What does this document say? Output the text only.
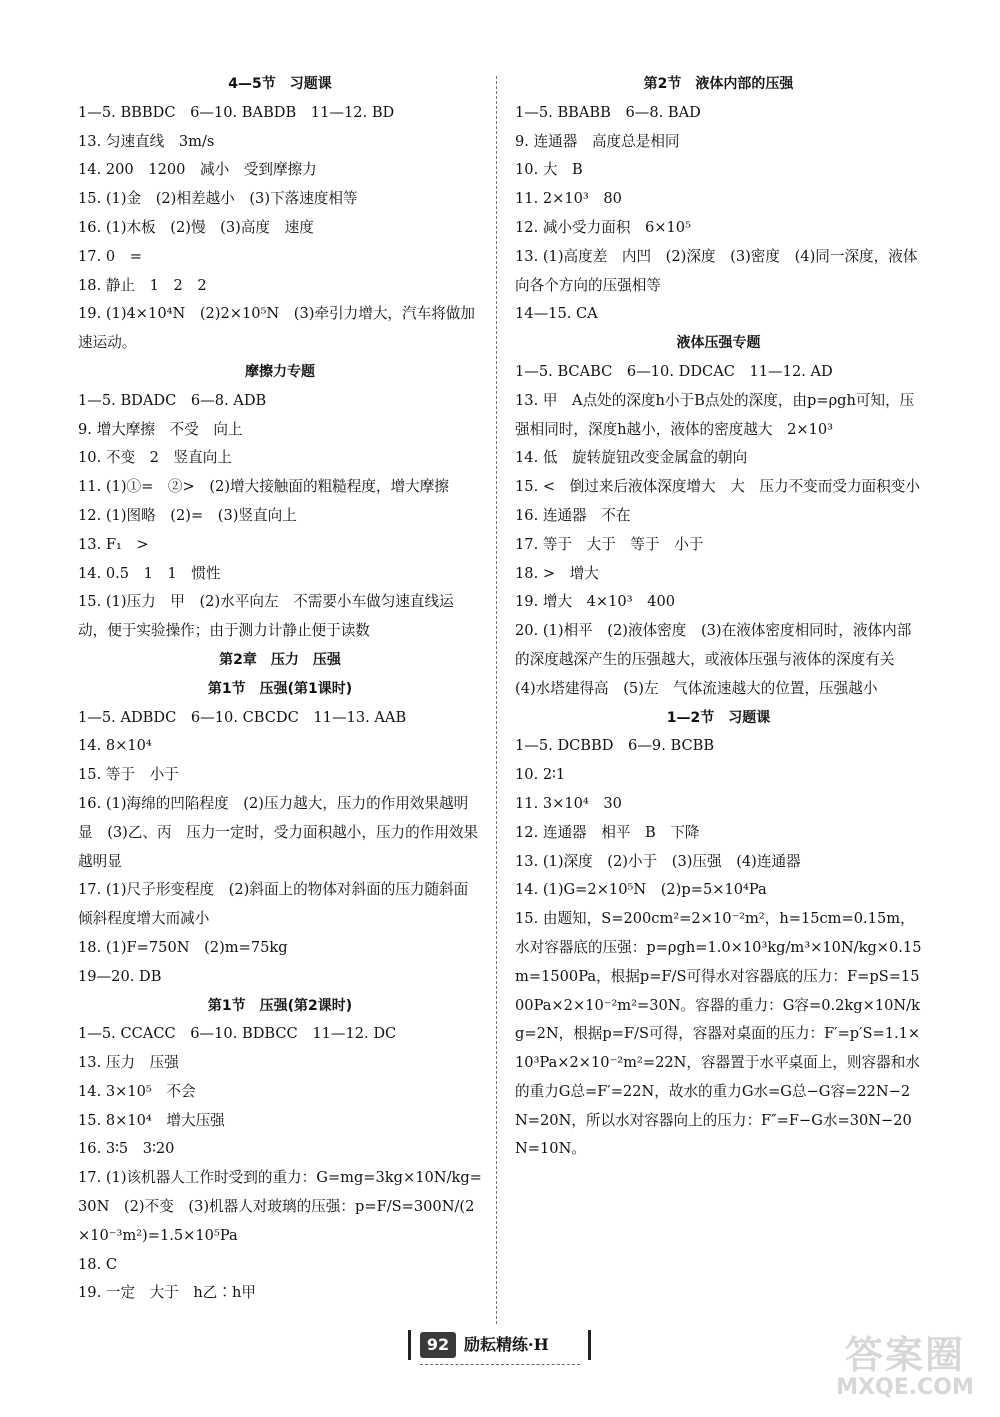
4—5节　习题课
1—5. BBBDC　6—10. BABDB　11—12. BD
13. 匀速直线　3m/s
14. 200　1200　减小　受到摩擦力
15. (1)金　(2)相差越小　(3)下落速度相等
16. (1)木板　(2)慢　(3)高度　速度
17. 0　=
18. 静止　1　2　2
19. (1)4×10⁴N　(2)2×10⁵N　(3)牵引力增大，汽车将做加速运动。
摩擦力专题
1—5. BDADC　6—8. ADB
9. 增大摩擦　不受　向上
10. 不变　2　竖直向上
11. (1)①=　②>　(2)增大接触面的粗糙程度，增大摩擦
12. (1)图略　(2)=　(3)竖直向上
13. F₁　>
14. 0.5　1　1　惯性
15. (1)压力　甲　(2)水平向左　不需要小车做匀速直线运动，便于实验操作；由于测力计静止便于读数
第2章　压力　压强
第1节　压强(第1课时)
1—5. ADBDC　6—10. CBCDC　11—13. AAB
14. 8×10⁴
15. 等于　小于
16. (1)海绵的凹陷程度　(2)压力越大，压力的作用效果越明显　(3)乙、丙　压力一定时，受力面积越小，压力的作用效果越明显
17. (1)尺子形变程度　(2)斜面上的物体对斜面的压力随斜面倾斜程度增大而减小
18. (1)F=750N　(2)m=75kg
19—20. DB
第1节　压强(第2课时)
1—5. CCACC　6—10. BDBCC　11—12. DC
13. 压力　压强
14. 3×10⁵　不会
15. 8×10⁴　增大压强
16. 3∶5　3∶20
17. (1)该机器人工作时受到的重力：G=mg=3kg×10N/kg=30N　(2)不变　(3)机器人对玻璃的压强：p=F/S=300N/(2×10⁻³m²)=1.5×10⁵Pa
18. C
19. 一定　大于　h乙∶h甲
第2节　液体内部的压强
1—5. BBABB　6—8. BAD
9. 连通器　高度总是相同
10. 大　B
11. 2×10³　80
12. 减小受力面积　6×10⁵
13. (1)高度差　内凹　(2)深度　(3)密度　(4)同一深度，液体向各个方向的压强相等
14—15. CA
液体压强专题
1—5. BCABC　6—10. DDCAC　11—12. AD
13. 甲　A点处的深度h小于B点处的深度，由p=ρgh可知，压强相同时，深度h越小，液体的密度越大　2×10³
14. 低　旋转旋钮改变金属盒的朝向
15. <　倒过来后液体深度增大　大　压力不变而受力面积变小
16. 连通器　不在
17. 等于　大于　等于　小于
18. >　增大
19. 增大　4×10³　400
20. (1)相平　(2)液体密度　(3)在液体密度相同时，液体内部的深度越深产生的压强越大，或液体压强与液体的深度有关　(4)水塔建得高　(5)左　气体流速越大的位置，压强越小
1—2节　习题课
1—5. DCBBD　6—9. BCBB
10. 2∶1
11. 3×10⁴　30
12. 连通器　相平　B　下降
13. (1)深度　(2)小于　(3)压强　(4)连通器
14. (1)G=2×10⁵N　(2)p=5×10⁴Pa
15. 由题知，S=200cm²=2×10⁻²m²，h=15cm=0.15m，水对容器底的压强：p=ρgh=1.0×10³kg/m³×10N/kg×0.15m=1500Pa，根据p=F/S可得水对容器底的压力：F=pS=1500Pa×2×10⁻²m²=30N。容器的重力：G容=0.2kg×10N/kg=2N，根据p=F/S可得，容器对桌面的压力：F′=p′S=1.1×10³Pa×2×10⁻²m²=22N，容器置于水平桌面上，则容器和水的重力G总=F′=22N，故水的重力G水=G总−G容=22N−2N=20N，所以水对容器向上的压力：F″=F−G水=30N−20N=10N。
92 励耘精练·H	答案圈
MXQE.COM
